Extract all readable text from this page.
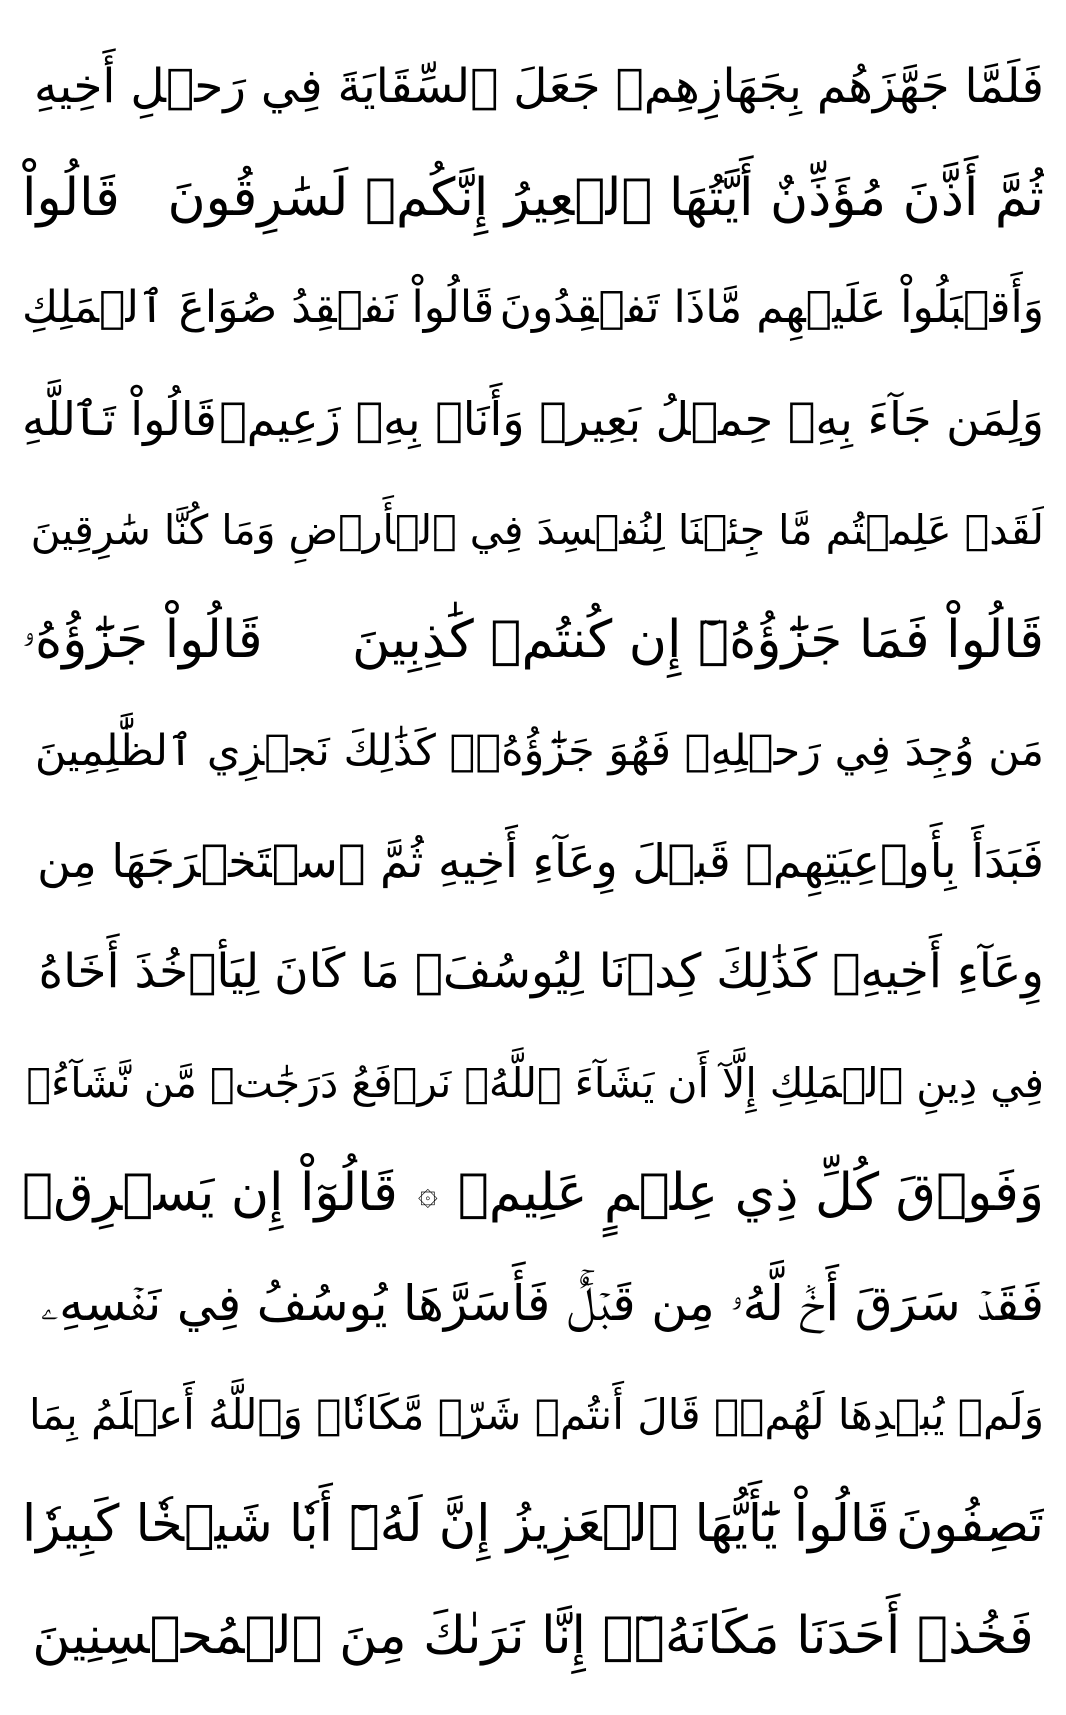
فَلَمَّا جَهَّزَهُم بِجَهَازِهِمۡ جَعَلَ ٱلسِّقَايَةَ فِي رَحۡلِ أَخِيهِ
ثُمَّ أَذَّنَ مُؤَذِّنٌ أَيَّتُهَا ٱلۡعِيرُ إِنَّكُمۡ لَسَٰرِقُونَ
قَالُواْ
وَأَقۡبَلُواْ عَلَيۡهِم مَّاذَا تَفۡقِدُونَ
قَالُواْ نَفۡقِدُ صُوَاعَ ٱلۡمَلِكِ
وَلِمَن جَآءَ بِهِۦ حِمۡلُ بَعِيرٖ وَأَنَا۠ بِهِۦ زَعِيمٞ
قَالُواْ تَٱللَّهِ
لَقَدۡ عَلِمۡتُم مَّا جِئۡنَا لِنُفۡسِدَ فِي ٱلۡأَرۡضِ وَمَا كُنَّا سَٰرِقِينَ
قَالُواْ فَمَا جَزَٰٓؤُهُۥٓ إِن كُنتُمۡ كَٰذِبِينَ
قَالُواْ جَزَٰٓؤُهُۥ
مَن وُجِدَ فِي رَحۡلِهِۦ فَهُوَ جَزَٰٓؤُهُۥۚ كَذَٰلِكَ نَجۡزِي ٱلظَّٰلِمِينَ
فَبَدَأَ بِأَوۡعِيَتِهِمۡ قَبۡلَ وِعَآءِ أَخِيهِ ثُمَّ ٱسۡتَخۡرَجَهَا مِن
وِعَآءِ أَخِيهِۚ كَذَٰلِكَ كِدۡنَا لِيُوسُفَۖ مَا كَانَ لِيَأۡخُذَ أَخَاهُ
فِي دِينِ ٱلۡمَلِكِ إِلَّآ أَن يَشَآءَ ٱللَّهُۚ نَرۡفَعُ دَرَجَٰتٖ مَّن نَّشَآءُۗ
وَفَوۡقَ كُلِّ ذِي عِلۡمٍ عَلِيمٞ
۞
قَالُوٓاْ إِن يَسۡرِقۡ
فَقَدۡ سَرَقَ أَخٞ لَّهُۥ مِن قَبۡلُۚ فَأَسَرَّهَا يُوسُفُ فِي نَفۡسِهِۦ
وَلَمۡ يُبۡدِهَا لَهُمۡۚ قَالَ أَنتُمۡ شَرّٞ مَّكَانٗاۖ وَٱللَّهُ أَعۡلَمُ بِمَا
تَصِفُونَ
قَالُواْ يَٰٓأَيُّهَا ٱلۡعَزِيزُ إِنَّ لَهُۥٓ أَبٗا شَيۡخٗا كَبِيرٗا
فَخُذۡ أَحَدَنَا مَكَانَهُۥٓۖ إِنَّا نَرَىٰكَ مِنَ ٱلۡمُحۡسِنِينَ
